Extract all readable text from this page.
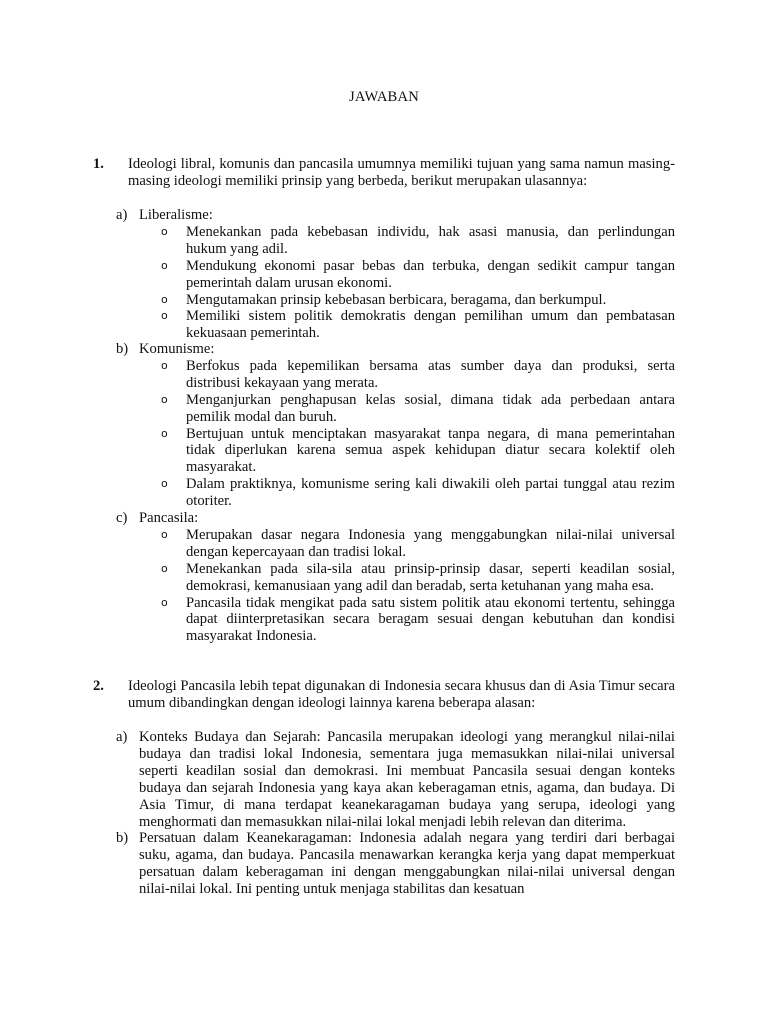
JAWABAN
1. Ideologi libral, komunis dan pancasila umumnya memiliki tujuan yang sama namun masing-masing ideologi memiliki prinsip yang berbeda, berikut merupakan ulasannya:
a) Liberalisme:
o Menekankan pada kebebasan individu, hak asasi manusia, dan perlindungan hukum yang adil.
o Mendukung ekonomi pasar bebas dan terbuka, dengan sedikit campur tangan pemerintah dalam urusan ekonomi.
o Mengutamakan prinsip kebebasan berbicara, beragama, dan berkumpul.
o Memiliki sistem politik demokratis dengan pemilihan umum dan pembatasan kekuasaan pemerintah.
b) Komunisme:
o Berfokus pada kepemilikan bersama atas sumber daya dan produksi, serta distribusi kekayaan yang merata.
o Menganjurkan penghapusan kelas sosial, dimana tidak ada perbedaan antara pemilik modal dan buruh.
o Bertujuan untuk menciptakan masyarakat tanpa negara, di mana pemerintahan tidak diperlukan karena semua aspek kehidupan diatur secara kolektif oleh masyarakat.
o Dalam praktiknya, komunisme sering kali diwakili oleh partai tunggal atau rezim otoriter.
c) Pancasila:
o Merupakan dasar negara Indonesia yang menggabungkan nilai-nilai universal dengan kepercayaan dan tradisi lokal.
o Menekankan pada sila-sila atau prinsip-prinsip dasar, seperti keadilan sosial, demokrasi, kemanusiaan yang adil dan beradab, serta ketuhanan yang maha esa.
o Pancasila tidak mengikat pada satu sistem politik atau ekonomi tertentu, sehingga dapat diinterpretasikan secara beragam sesuai dengan kebutuhan dan kondisi masyarakat Indonesia.
2. Ideologi Pancasila lebih tepat digunakan di Indonesia secara khusus dan di Asia Timur secara umum dibandingkan dengan ideologi lainnya karena beberapa alasan:
a) Konteks Budaya dan Sejarah: Pancasila merupakan ideologi yang merangkul nilai-nilai budaya dan tradisi lokal Indonesia, sementara juga memasukkan nilai-nilai universal seperti keadilan sosial dan demokrasi. Ini membuat Pancasila sesuai dengan konteks budaya dan sejarah Indonesia yang kaya akan keberagaman etnis, agama, dan budaya. Di Asia Timur, di mana terdapat keanekaragaman budaya yang serupa, ideologi yang menghormati dan memasukkan nilai-nilai lokal menjadi lebih relevan dan diterima.
b) Persatuan dalam Keanekaragaman: Indonesia adalah negara yang terdiri dari berbagai suku, agama, dan budaya. Pancasila menawarkan kerangka kerja yang dapat memperkuat persatuan dalam keberagaman ini dengan menggabungkan nilai-nilai universal dengan nilai-nilai lokal. Ini penting untuk menjaga stabilitas dan kesatuan
